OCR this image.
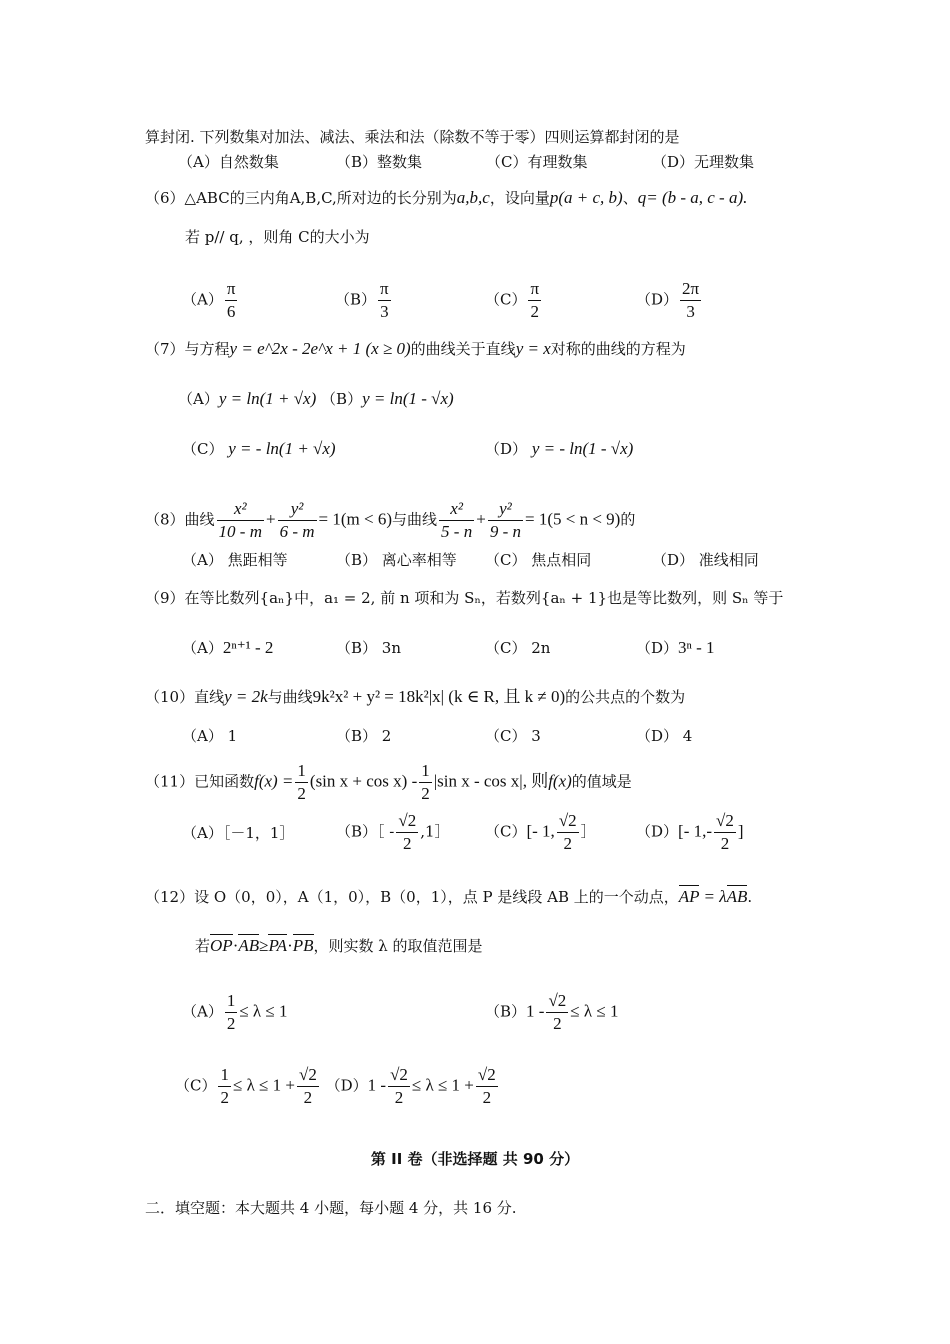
算封闭. 下列数集对加法、减法、乘法和法（除数不等于零）四则运算都封闭的是
（A）自然数集	（B）整数集	（C）有理数集	（D）无理数集
（6）△ABC的三内角A,B,C,所对边的长分别为a,b,c，设向量p(a + c, b)、q= (b - a, c - a).
若 p// q, ，则角 C的大小为
$(A) \frac{\pi}{6}$	$(B) \frac{\pi}{3}$	$(C) \frac{\pi}{2}$	$(D) \frac{2\pi}{3}$
（7）与方程y = e^2x - 2e^x + 1 (x ≥ 0)的曲线关于直线y = x对称的曲线的方程为
（A）y = ln(1 + √x) （B）y = ln(1 - √x)
（C） y = - ln(1 + √x)	（D） y = - ln(1 - √x)
（8）曲线 $\frac{\text{x²}}{10 - m} + \frac{\text{y²}}{6 - m} = 1(m < 6)$与曲线 $\frac{\text{x²}}{5 - n} + \frac{\text{y²}}{9 - n} = 1(5 < n < 9)$的
（A） 焦距相等	（B） 离心率相等 （C） 焦点相同	（D） 准线相同
（9）在等比数列{aₙ}中，a₁ = 2, 前 n 项和为 Sₙ，若数列{aₙ + 1}也是等比数列，则 Sₙ 等于
（A）2ⁿ⁺¹ - 2	（B） 3n	（C） 2n	（D）3ⁿ - 1
（10）直线y = 2k与曲线9k²x² + y² = 18k²|x| (k ∈ R, 且 k ≠ 0)的公共点的个数为
（A） 1	（B） 2	（C） 3	（D） 4
（11）已知函数$f(x) = \frac{1}{2} (\sin$ $x + \cos x) - \frac{1}{2} |\sin$ x - cos x|, 则f(x)的值域是
（A）［－1，1］	（B）［ - $\frac{√2}{2}$ ,1］ （C）[- 1, $\frac{√2}{2}$ ］	（D）[- $1,- \frac{√2}{2}$ ]
（12）设 O（0，0），A（1，0），B（0，1），点 P 是线段 AB 上的一个动点，AP = λAB.
若OP·AB≥PA·PB，则实数 λ 的取值范围是
$(A) \frac{1}{2} \le \lambda \le 1$	$(B)1 - \frac{√2}{2} \le \lambda \le 1$
$(C) \frac{1}{2} \le \lambda \le 1 + \frac{√2}{2} (D)1 - \frac{√2}{2} \le \lambda \le 1 + \frac{√2}{2}$
第 II 卷（非选择题 共 90 分）
二．填空题：本大题共 4 小题，每小题 4 分，共 16 分.
